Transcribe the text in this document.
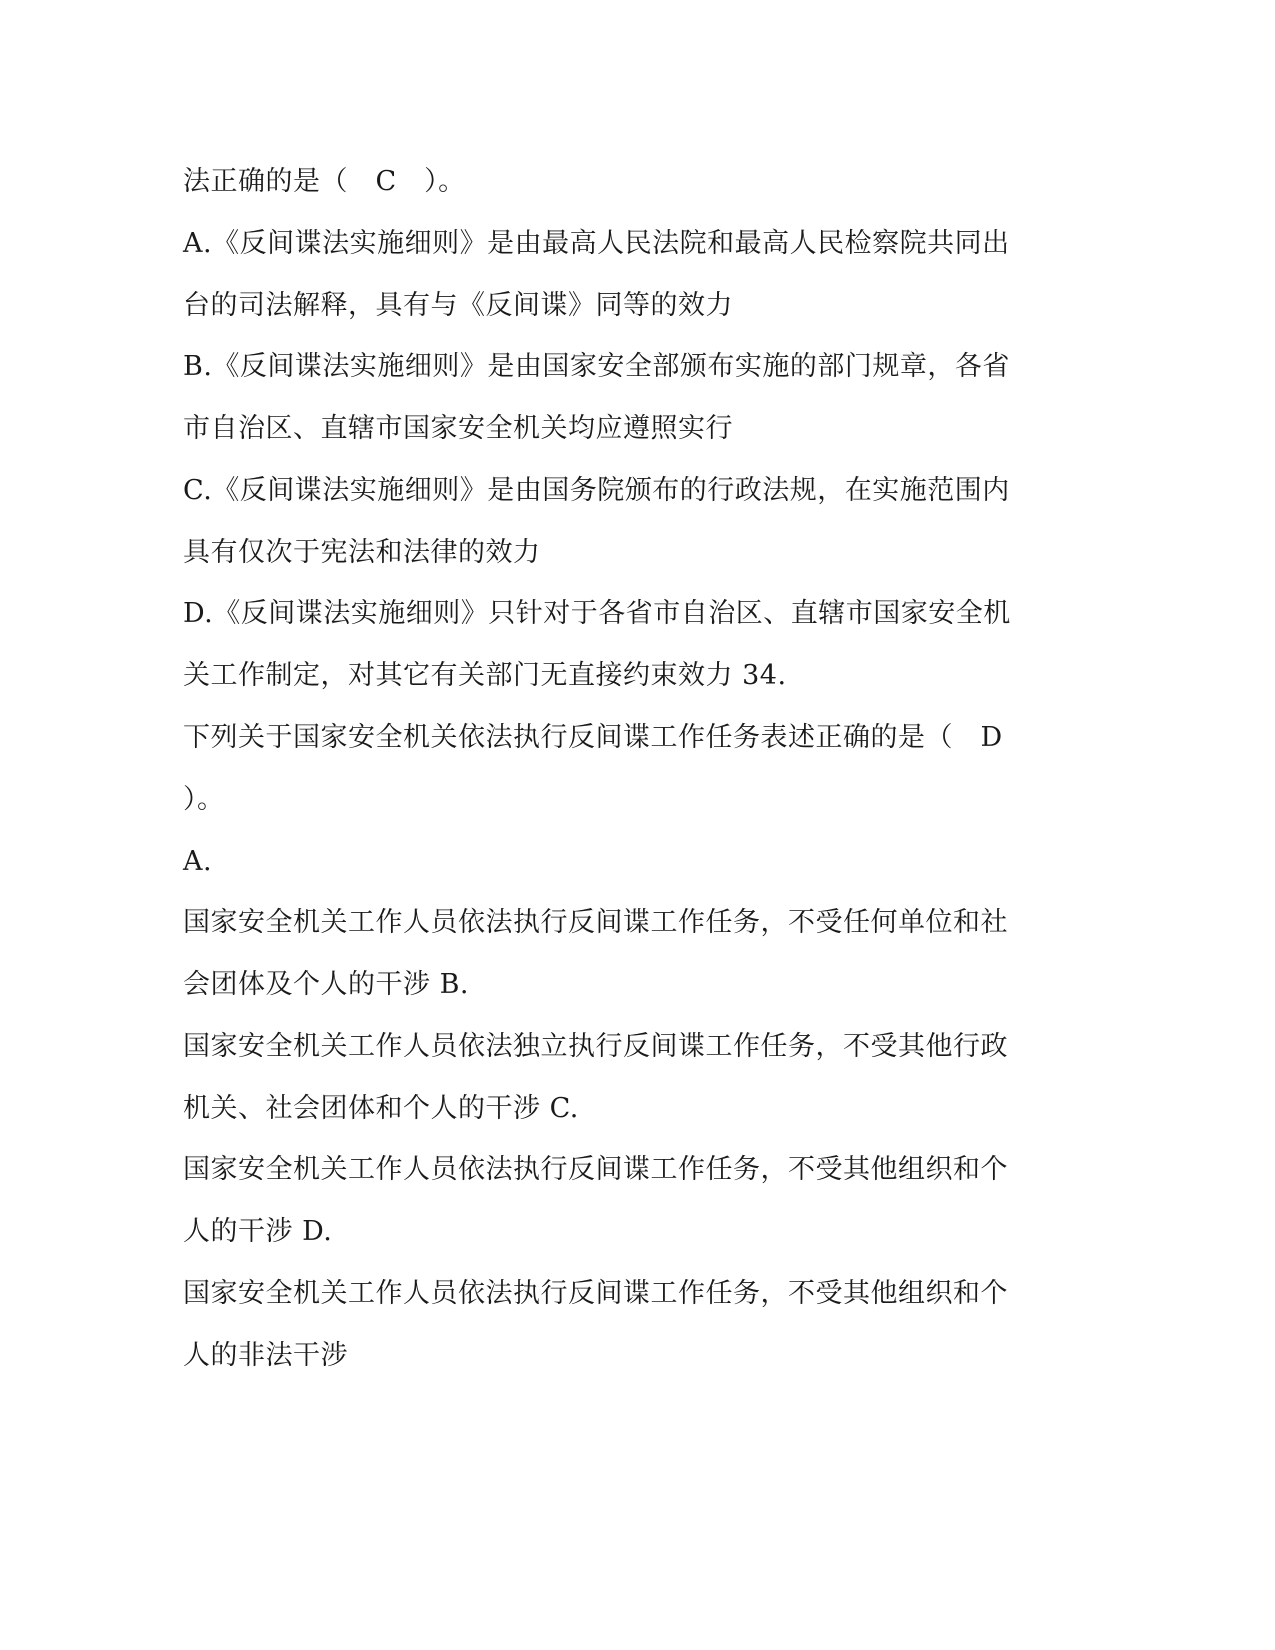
法正确的是（　C　）。
A.《反间谍法实施细则》是由最高人民法院和最高人民检察院共同出
台的司法解释，具有与《反间谍》同等的效力
B.《反间谍法实施细则》是由国家安全部颁布实施的部门规章，各省
市自治区、直辖市国家安全机关均应遵照实行
C.《反间谍法实施细则》是由国务院颁布的行政法规，在实施范围内
具有仅次于宪法和法律的效力
D.《反间谍法实施细则》只针对于各省市自治区、直辖市国家安全机
关工作制定，对其它有关部门无直接约束效力 34.
下列关于国家安全机关依法执行反间谍工作任务表述正确的是（　D
）。
A.
国家安全机关工作人员依法执行反间谍工作任务，不受任何单位和社
会团体及个人的干涉 B.
国家安全机关工作人员依法独立执行反间谍工作任务，不受其他行政
机关、社会团体和个人的干涉 C.
国家安全机关工作人员依法执行反间谍工作任务，不受其他组织和个
人的干涉 D.
国家安全机关工作人员依法执行反间谍工作任务，不受其他组织和个
人的非法干涉
